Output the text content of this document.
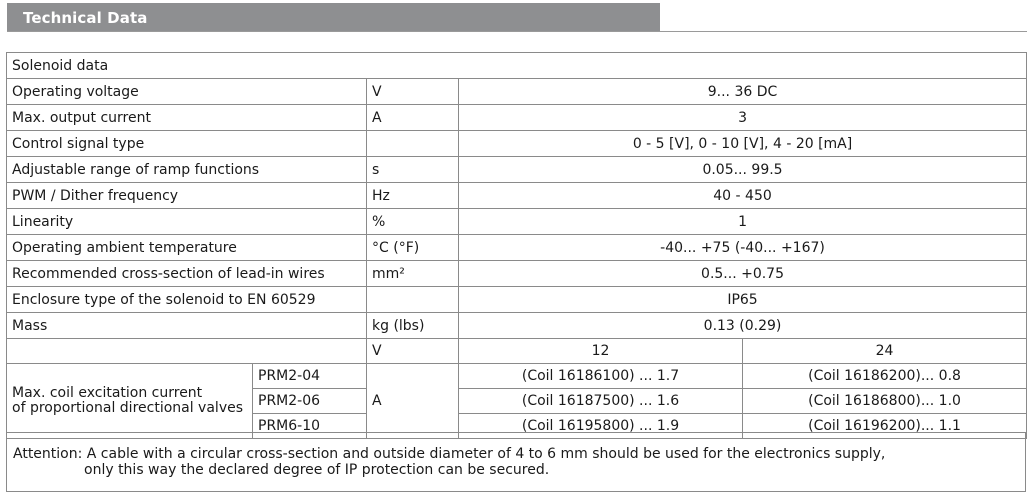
Technical Data
Solenoid data				
Operating voltage		V	9... 36 DC	
Max. output current		A	3	
Control signal type			0 - 5 [V], 0 - 10 [V], 4 - 20 [mA]	
Adjustable range of ramp functions		s	0.05... 99.5	
PWM / Dither frequency		Hz	40 - 450	
Linearity		%	1	
Operating ambient temperature		°C (°F)	-40... +75 (-40... +167)	
Recommended cross-section of lead-in wires		mm²	0.5... +0.75	
Enclosure type of the solenoid to EN 60529			IP65	
Mass		kg (lbs)	0.13 (0.29)	
		V	12	24
Max. coil excitation current
of proportional directional valves	PRM2-04	A	(Coil 16186100) ... 1.7	(Coil 16186200)... 0.8
	PRM2-06		(Coil 16187500) ... 1.6	(Coil 16186800)... 1.0
	PRM6-10		(Coil 16195800) ... 1.9	(Coil 16196200)... 1.1
Attention: A cable with a circular cross-section and outside diameter of 4 to 6 mm should be used for the electronics supply,
only this way the declared degree of IP protection can be secured.
